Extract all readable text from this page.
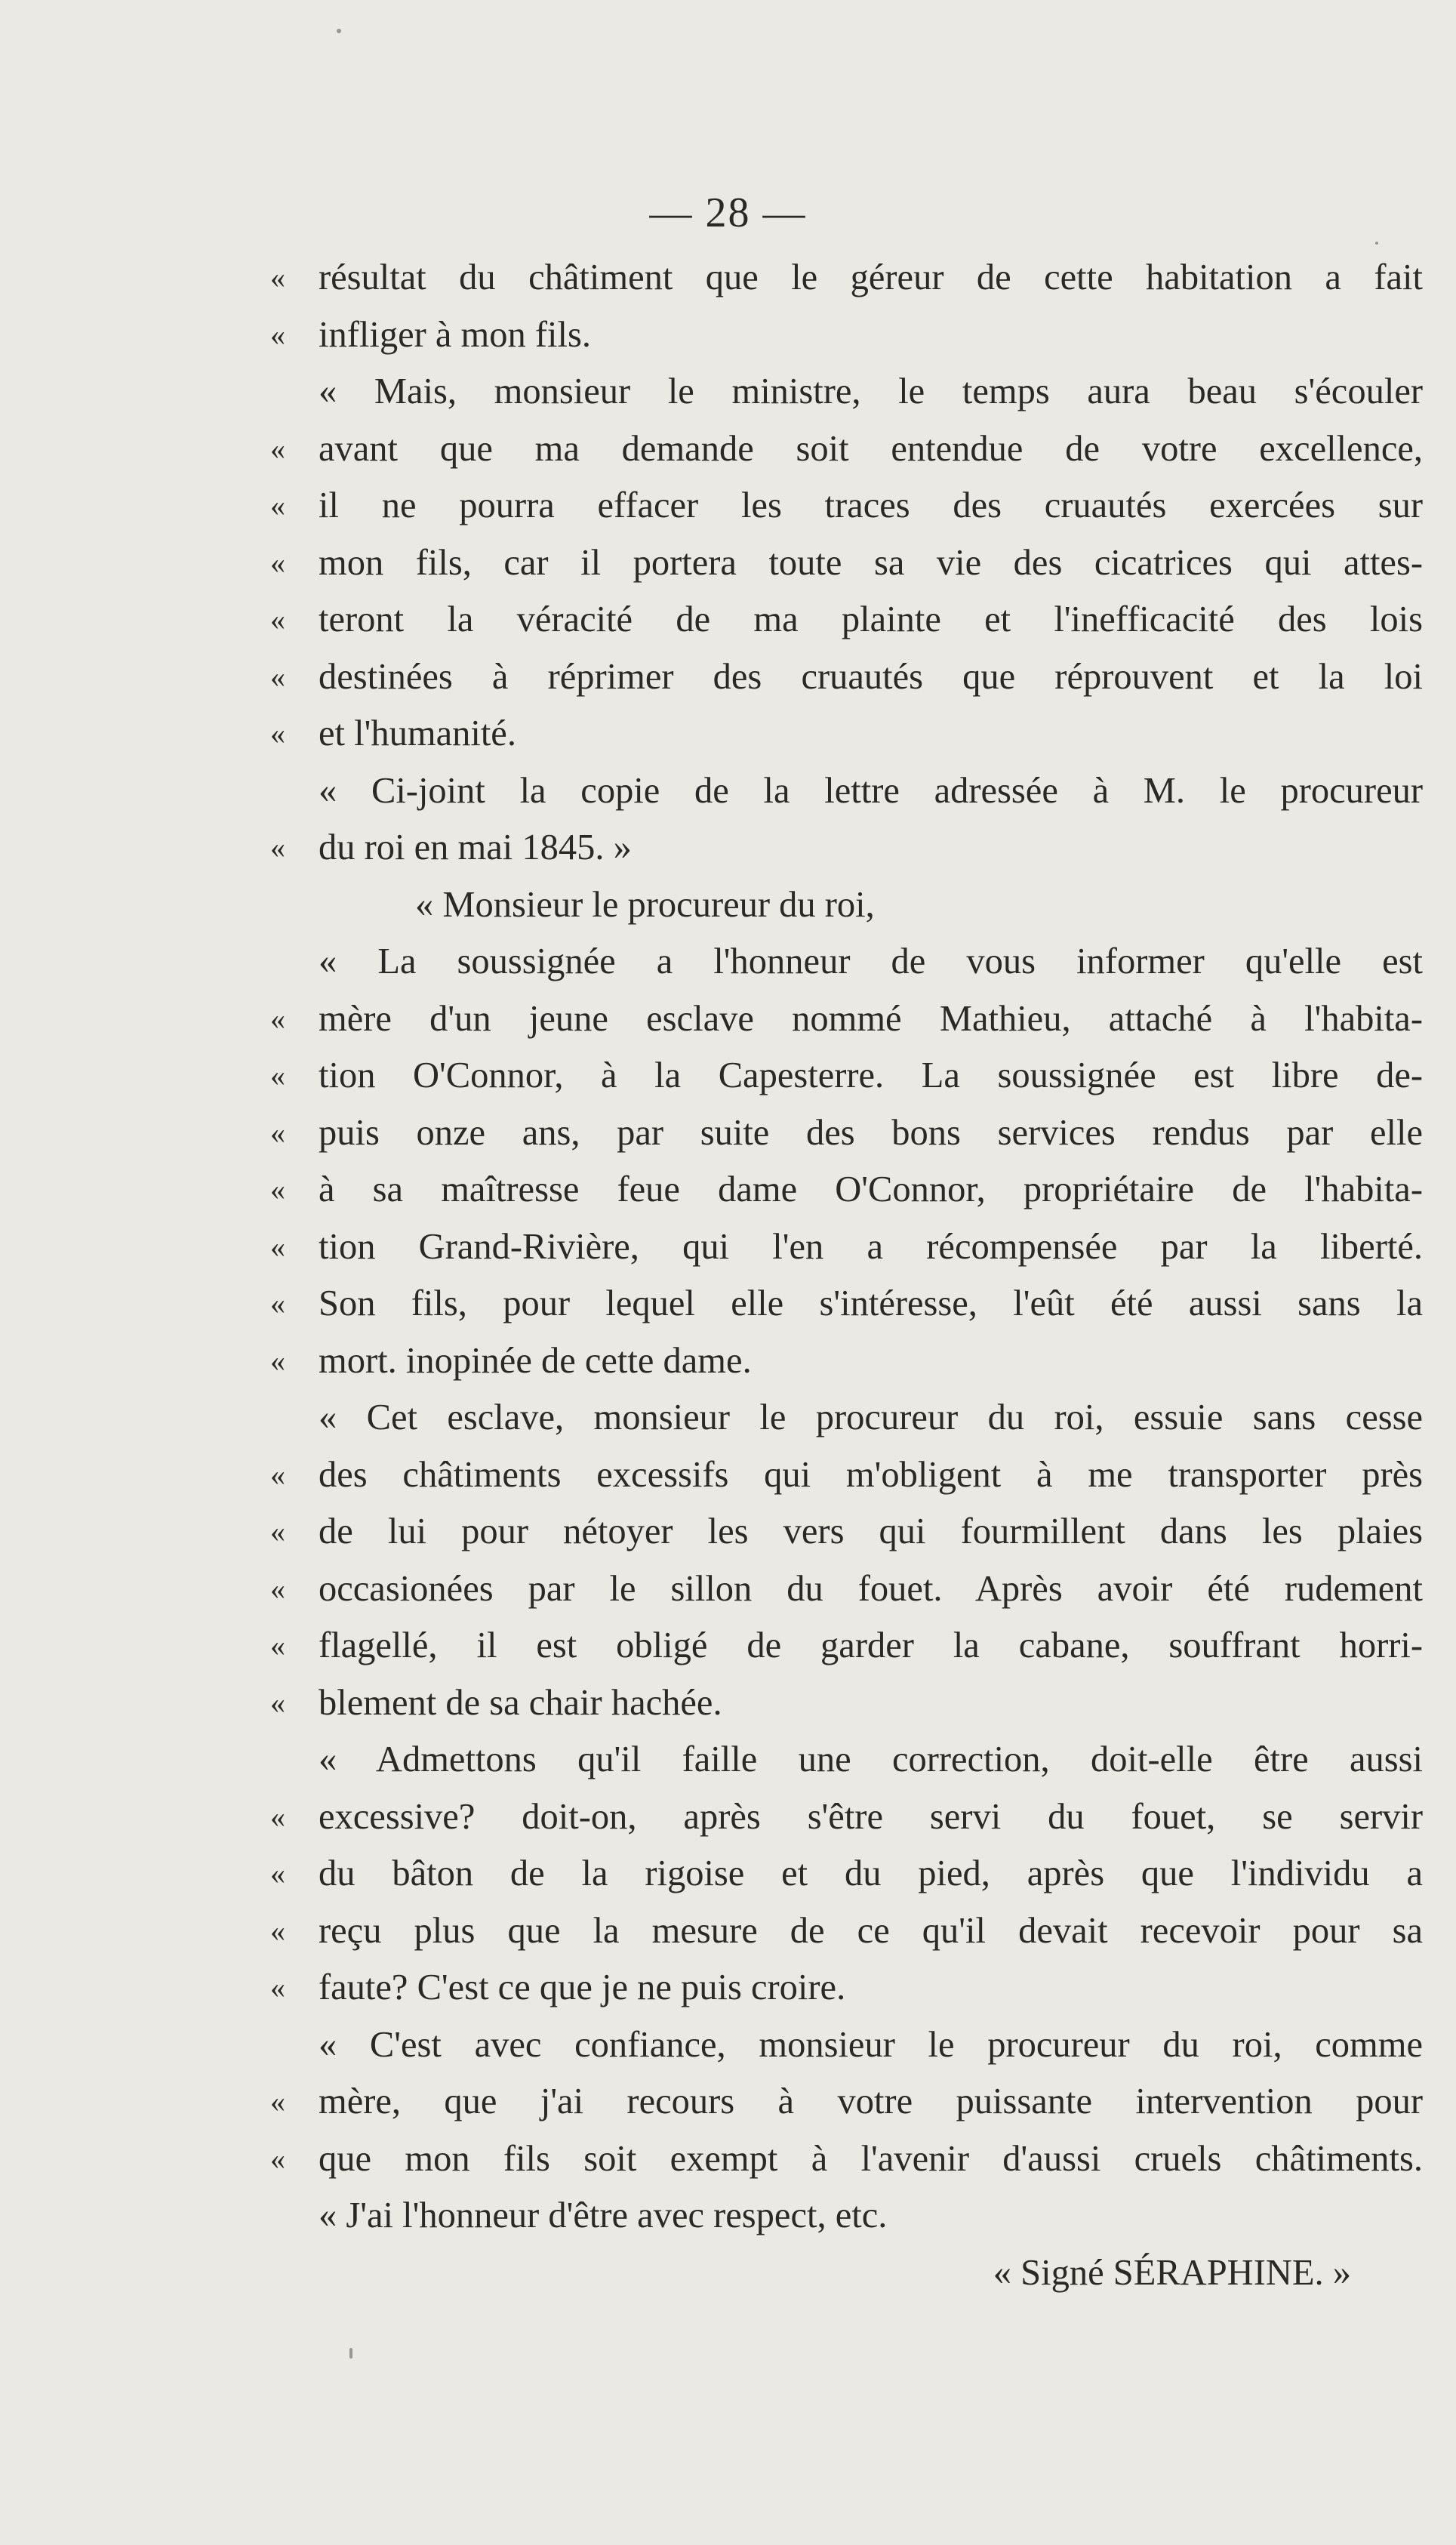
— 28 —
« résultat du châtiment que le géreur de cette habitation a fait
« infliger à mon fils.
« Mais, monsieur le ministre, le temps aura beau s'écouler
« avant que ma demande soit entendue de votre excellence,
« il ne pourra effacer les traces des cruautés exercées sur
« mon fils, car il portera toute sa vie des cicatrices qui attes-
« teront la véracité de ma plainte et l'inefficacité des lois
« destinées à réprimer des cruautés que réprouvent et la loi
« et l'humanité.
« Ci-joint la copie de la lettre adressée à M. le procureur
« du roi en mai 1845. »
« Monsieur le procureur du roi,
« La soussignée a l'honneur de vous informer qu'elle est
« mère d'un jeune esclave nommé Mathieu, attaché à l'habita-
« tion O'Connor, à la Capesterre. La soussignée est libre de-
« puis onze ans, par suite des bons services rendus par elle
« à sa maîtresse feue dame O'Connor, propriétaire de l'habita-
« tion Grand-Rivière, qui l'en a récompensée par la liberté.
« Son fils, pour lequel elle s'intéresse, l'eût été aussi sans la
« mort. inopinée de cette dame.
« Cet esclave, monsieur le procureur du roi, essuie sans cesse
« des châtiments excessifs qui m'obligent à me transporter près
« de lui pour nétoyer les vers qui fourmillent dans les plaies
« occasionées par le sillon du fouet. Après avoir été rudement
« flagellé, il est obligé de garder la cabane, souffrant horri-
« blement de sa chair hachée.
« Admettons qu'il faille une correction, doit-elle être aussi
« excessive? doit-on, après s'être servi du fouet, se servir
« du bâton de la rigoise et du pied, après que l'individu a
« reçu plus que la mesure de ce qu'il devait recevoir pour sa
« faute? C'est ce que je ne puis croire.
« C'est avec confiance, monsieur le procureur du roi, comme
« mère, que j'ai recours à votre puissante intervention pour
« que mon fils soit exempt à l'avenir d'aussi cruels châtiments.
« J'ai l'honneur d'être avec respect, etc.
« Signé SÉRAPHINE. »
